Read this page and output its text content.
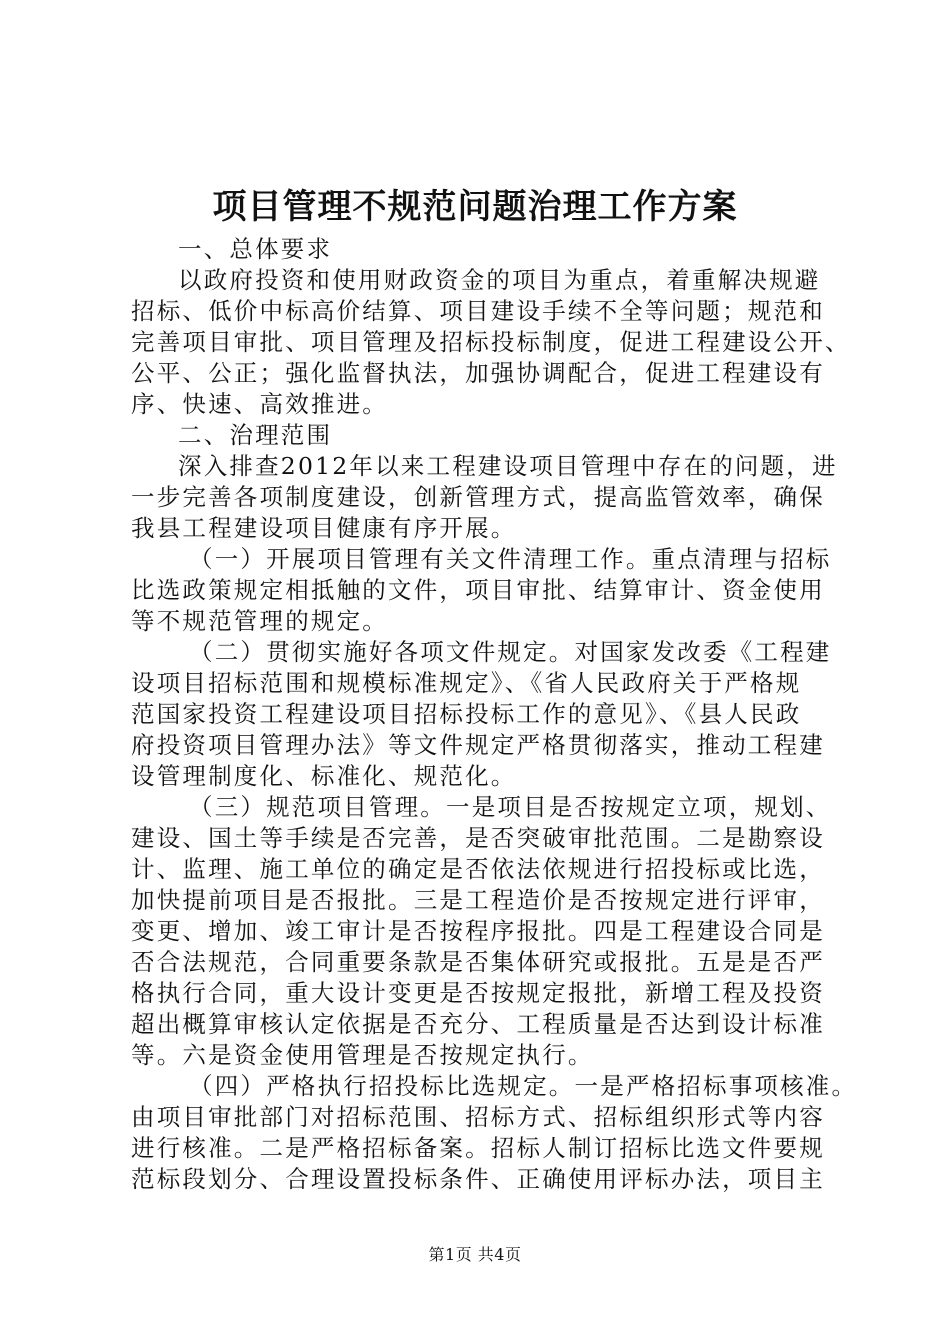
项目管理不规范问题治理工作方案
一、总体要求
以政府投资和使用财政资金的项目为重点，着重解决规避
招标、低价中标高价结算、项目建设手续不全等问题；规范和
完善项目审批、项目管理及招标投标制度，促进工程建设公开、
公平、公正；强化监督执法，加强协调配合，促进工程建设有
序、快速、高效推进。
二、治理范围
深入排查2012年以来工程建设项目管理中存在的问题，进
一步完善各项制度建设，创新管理方式，提高监管效率，确保
我县工程建设项目健康有序开展。
（一）开展项目管理有关文件清理工作。重点清理与招标
比选政策规定相抵触的文件，项目审批、结算审计、资金使用
等不规范管理的规定。
（二）贯彻实施好各项文件规定。对国家发改委《工程建
设项目招标范围和规模标准规定》、《省人民政府关于严格规
范国家投资工程建设项目招标投标工作的意见》、《县人民政
府投资项目管理办法》等文件规定严格贯彻落实，推动工程建
设管理制度化、标准化、规范化。
（三）规范项目管理。一是项目是否按规定立项，规划、
建设、国土等手续是否完善，是否突破审批范围。二是勘察设
计、监理、施工单位的确定是否依法依规进行招投标或比选，
加快提前项目是否报批。三是工程造价是否按规定进行评审，
变更、增加、竣工审计是否按程序报批。四是工程建设合同是
否合法规范，合同重要条款是否集体研究或报批。五是是否严
格执行合同，重大设计变更是否按规定报批，新增工程及投资
超出概算审核认定依据是否充分、工程质量是否达到设计标准
等。六是资金使用管理是否按规定执行。
（四）严格执行招投标比选规定。一是严格招标事项核准。
由项目审批部门对招标范围、招标方式、招标组织形式等内容
进行核准。二是严格招标备案。招标人制订招标比选文件要规
范标段划分、合理设置投标条件、正确使用评标办法，项目主
第1页 共4页
